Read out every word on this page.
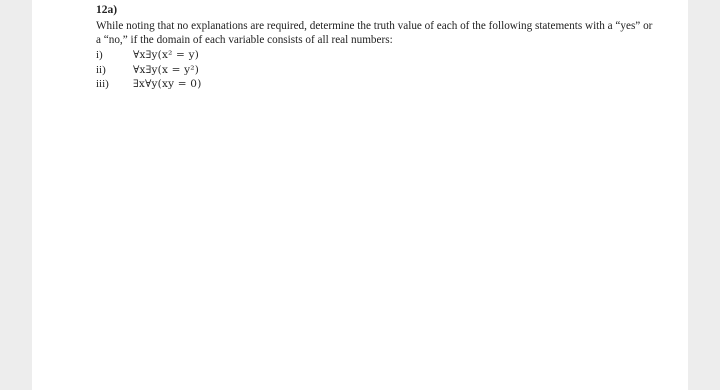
12a)

While noting that no explanations are required, determine the truth value of each of the following statements with a “yes” or a “no,” if the domain of each variable consists of all real numbers:

i)	∀x∃y(x² = y)
ii)	∀x∃y(x = y²)
iii)	∃x∀y(xy = 0)
